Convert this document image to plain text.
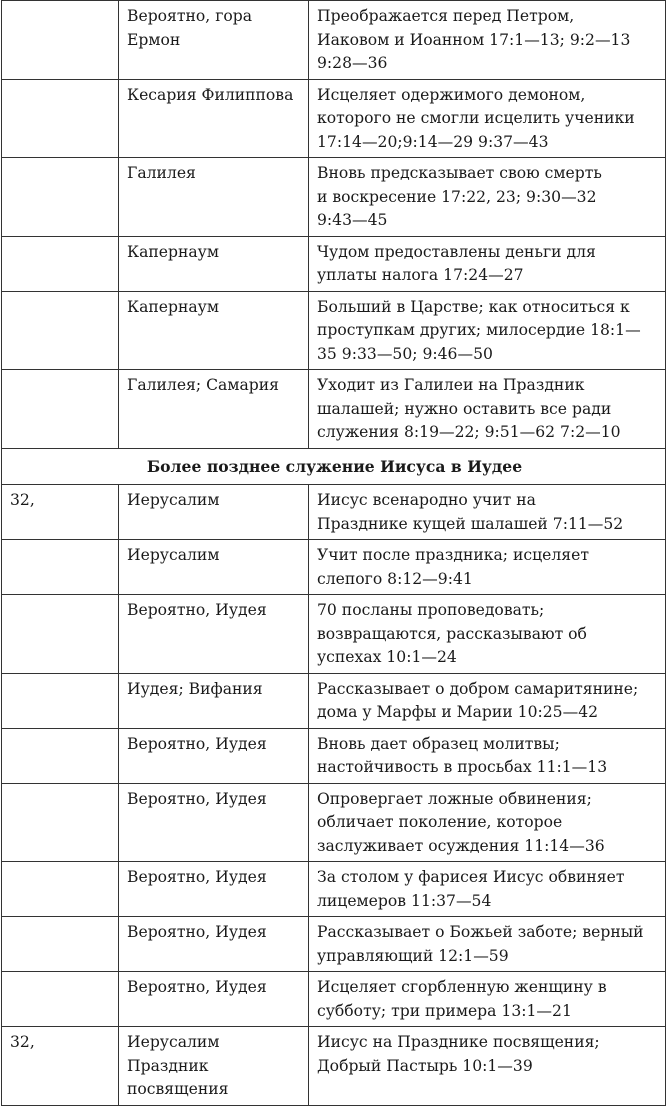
	Вероятно, гора
Ермон	Преображается перед Петром,
Иаковом и Иоанном 17:1—13; 9:2—13
9:28—36
	Кесария Филиппова	Исцеляет одержимого демоном,
которого не смогли исцелить ученики
17:14—20;9:14—29 9:37—43
	Галилея	Вновь предсказывает свою смерть
и воскресение 17:22, 23; 9:30—32
9:43—45
	Капернаум	Чудом предоставлены деньги для
уплаты налога 17:24—27
	Капернаум	Больший в Царстве; как относиться к
проступкам других; милосердие 18:1—
35 9:33—50; 9:46—50
	Галилея; Самария	Уходит из Галилеи на Праздник
шалашей; нужно оставить все ради
служения 8:19—22; 9:51—62 7:2—10
Более позднее служение Иисуса в Иудее		
32,	Иерусалим	Иисус всенародно учит на
Празднике кущей шалашей 7:11—52
	Иерусалим	Учит после праздника; исцеляет
слепого 8:12—9:41
	Вероятно, Иудея	70 посланы проповедовать;
возвращаются, рассказывают об
успехах 10:1—24
	Иудея; Вифания	Рассказывает о добром самаритянине;
дома у Марфы и Марии 10:25—42
	Вероятно, Иудея	Вновь дает образец молитвы;
настойчивость в просьбах 11:1—13
	Вероятно, Иудея	Опровергает ложные обвинения;
обличает поколение, которое
заслуживает осуждения 11:14—36
	Вероятно, Иудея	За столом у фарисея Иисус обвиняет
лицемеров 11:37—54
	Вероятно, Иудея	Рассказывает о Божьей заботе; верный
управляющий 12:1—59
	Вероятно, Иудея	Исцеляет сгорбленную женщину в
субботу; три примера 13:1—21
32,	Иерусалим
Праздник
посвящения	Иисус на Празднике посвящения;
Добрый Пастырь 10:1—39
